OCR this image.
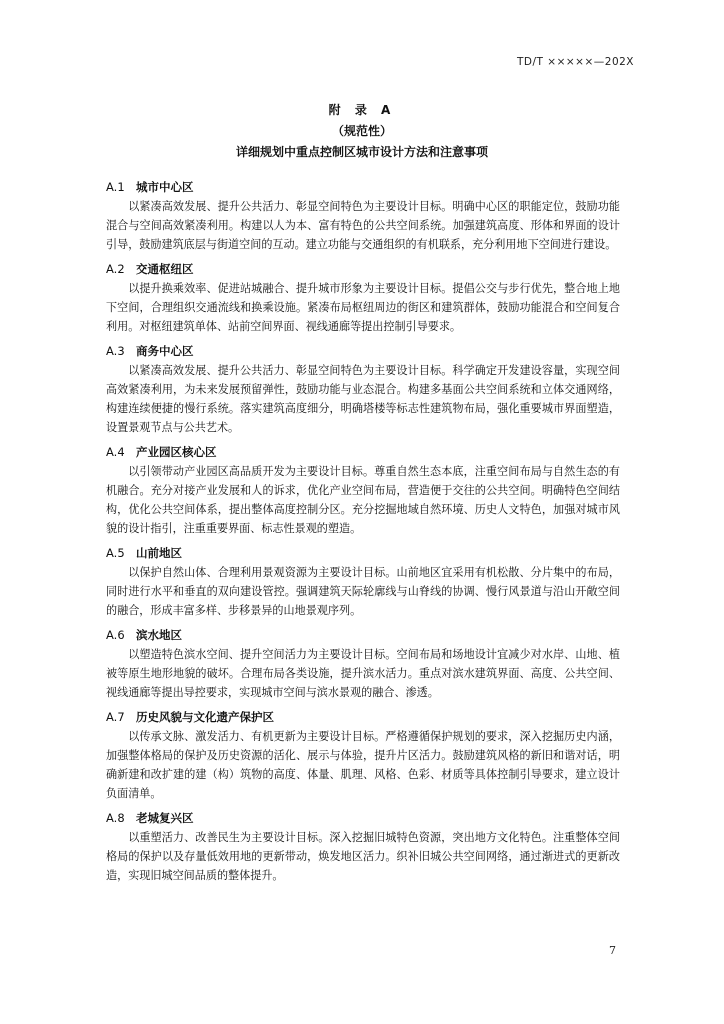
TD/T ×××××—202X
附 录 A
（规范性）
详细规划中重点控制区城市设计方法和注意事项
A.1 城市中心区

以紧凑高效发展、提升公共活力、彰显空间特色为主要设计目标。明确中心区的职能定位，鼓励功能混合与空间高效紧凑利用。构建以人为本、富有特色的公共空间系统。加强建筑高度、形体和界面的设计引导，鼓励建筑底层与街道空间的互动。建立功能与交通组织的有机联系，充分利用地下空间进行建设。

A.2 交通枢纽区

以提升换乘效率、促进站城融合、提升城市形象为主要设计目标。提倡公交与步行优先，整合地上地下空间，合理组织交通流线和换乘设施。紧凑布局枢纽周边的街区和建筑群体，鼓励功能混合和空间复合利用。对枢纽建筑单体、站前空间界面、视线通廊等提出控制引导要求。

A.3 商务中心区

以紧凑高效发展、提升公共活力、彰显空间特色为主要设计目标。科学确定开发建设容量，实现空间高效紧凑利用，为未来发展预留弹性，鼓励功能与业态混合。构建多基面公共空间系统和立体交通网络，构建连续便捷的慢行系统。落实建筑高度细分，明确塔楼等标志性建筑物布局，强化重要城市界面塑造，设置景观节点与公共艺术。

A.4 产业园区核心区

以引领带动产业园区高品质开发为主要设计目标。尊重自然生态本底，注重空间布局与自然生态的有机融合。充分对接产业发展和人的诉求，优化产业空间布局，营造便于交往的公共空间。明确特色空间结构，优化公共空间体系，提出整体高度控制分区。充分挖掘地域自然环境、历史人文特色，加强对城市风貌的设计指引，注重重要界面、标志性景观的塑造。

A.5 山前地区

以保护自然山体、合理利用景观资源为主要设计目标。山前地区宜采用有机松散、分片集中的布局，同时进行水平和垂直的双向建设管控。强调建筑天际轮廓线与山脊线的协调、慢行风景道与沿山开敞空间的融合，形成丰富多样、步移景异的山地景观序列。

A.6 滨水地区

以塑造特色滨水空间、提升空间活力为主要设计目标。空间布局和场地设计宜减少对水岸、山地、植被等原生地形地貌的破坏。合理布局各类设施，提升滨水活力。重点对滨水建筑界面、高度、公共空间、视线通廊等提出导控要求，实现城市空间与滨水景观的融合、渗透。

A.7 历史风貌与文化遗产保护区

以传承文脉、激发活力、有机更新为主要设计目标。严格遵循保护规划的要求，深入挖掘历史内涵，加强整体格局的保护及历史资源的活化、展示与体验，提升片区活力。鼓励建筑风格的新旧和谐对话，明确新建和改扩建的建（构）筑物的高度、体量、肌理、风格、色彩、材质等具体控制引导要求，建立设计负面清单。

A.8 老城复兴区

以重塑活力、改善民生为主要设计目标。深入挖掘旧城特色资源，突出地方文化特色。注重整体空间格局的保护以及存量低效用地的更新带动，焕发地区活力。织补旧城公共空间网络，通过渐进式的更新改造，实现旧城空间品质的整体提升。

7
